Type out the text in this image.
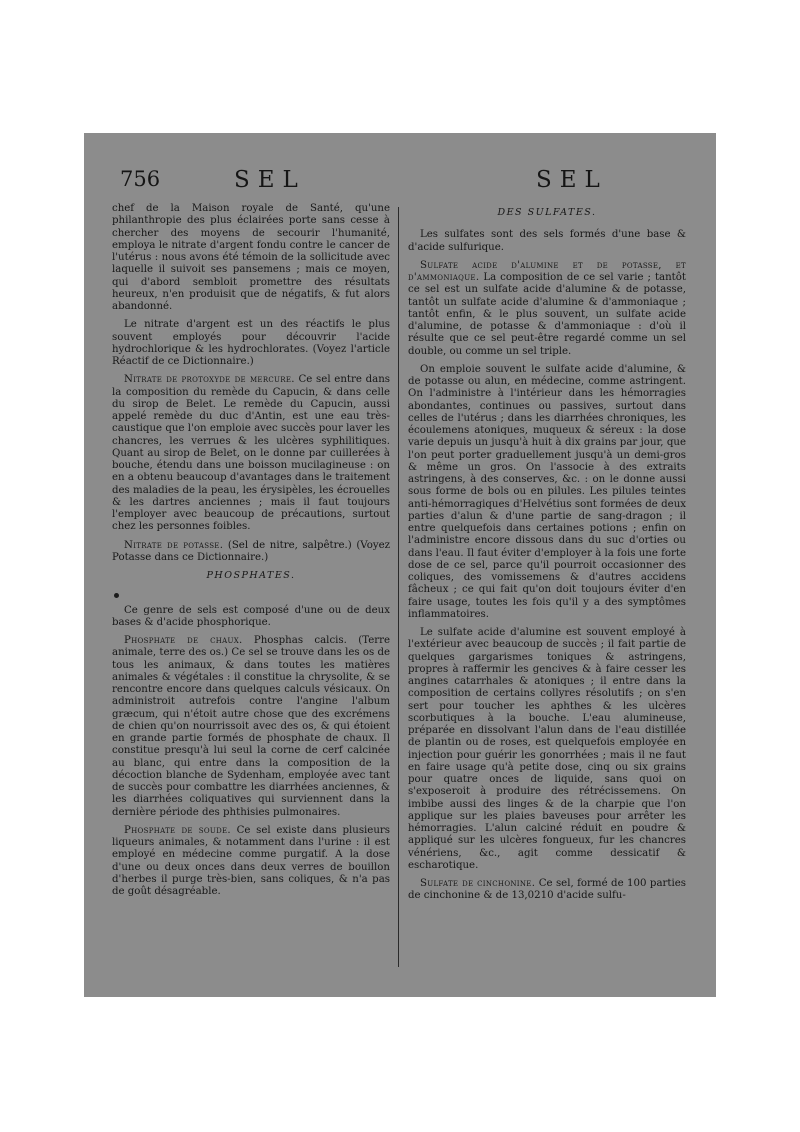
756	SEL	SEL

chef de la Maison royale de Santé, qu'une philanthropie des plus éclairées porte sans cesse à chercher des moyens de secourir l'humanité, employa le nitrate d'argent fondu contre le cancer de l'utérus : nous avons été témoin de la sollicitude avec laquelle il suivoit ses pansemens ; mais ce moyen, qui d'abord sembloit promettre des résultats heureux, n'en produisit que de négatifs, & fut alors abandonné.

Le nitrate d'argent est un des réactifs le plus souvent employés pour découvrir l'acide hydrochlorique & les hydrochlorates. (Voyez l'article Réactif de ce Dictionnaire.)

Nitrate de protoxyde de mercure. Ce sel entre dans la composition du remède du Capucin, & dans celle du sirop de Belet. Le remède du Capucin, aussi appelé remède du duc d'Antin, est une eau très-caustique que l'on emploie avec succès pour laver les chancres, les verrues & les ulcères syphilitiques. Quant au sirop de Belet, on le donne par cuillerées à bouche, étendu dans une boisson mucilagineuse : on en a obtenu beaucoup d'avantages dans le traitement des maladies de la peau, les érysipèles, les écrouelles & les dartres anciennes ; mais il faut toujours l'employer avec beaucoup de précautions, surtout chez les personnes foibles.

Nitrate de potasse. (Sel de nitre, salpêtre.) (Voyez Potasse dans ce Dictionnaire.)

PHOSPHATES.

Ce genre de sels est composé d'une ou de deux bases & d'acide phosphorique.

Phosphate de chaux. Phosphas calcis. (Terre animale, terre des os.) Ce sel se trouve dans les os de tous les animaux, & dans toutes les matières animales & végétales : il constitue la chrysolite, & se rencontre encore dans quelques calculs vésicaux. On administroit autrefois contre l'angine l'album græcum, qui n'étoit autre chose que des excrémens de chien qu'on nourrissoit avec des os, & qui étoient en grande partie formés de phosphate de chaux. Il constitue presqu'à lui seul la corne de cerf calcinée au blanc, qui entre dans la composition de la décoction blanche de Sydenham, employée avec tant de succès pour combattre les diarrhées anciennes, & les diarrhées coliquatives qui surviennent dans la dernière période des phthisies pulmonaires.

Phosphate de soude. Ce sel existe dans plusieurs liqueurs animales, & notamment dans l'urine : il est employé en médecine comme purgatif. A la dose d'une ou deux onces dans deux verres de bouillon d'herbes il purge très-bien, sans coliques, & n'a pas de goût désagréable.

DES SULFATES.

Les sulfates sont des sels formés d'une base & d'acide sulfurique.

Sulfate acide d'alumine et de potasse, et d'ammoniaque. La composition de ce sel varie ; tantôt ce sel est un sulfate acide d'alumine & de potasse, tantôt un sulfate acide d'alumine & d'ammoniaque ; tantôt enfin, & le plus souvent, un sulfate acide d'alumine, de potasse & d'ammoniaque : d'où il résulte que ce sel peut-être regardé comme un sel double, ou comme un sel triple.

On emploie souvent le sulfate acide d'alumine, & de potasse ou alun, en médecine, comme astringent. On l'administre à l'intérieur dans les hémorragies abondantes, continues ou passives, surtout dans celles de l'utérus ; dans les diarrhées chroniques, les écoulemens atoniques, muqueux & séreux : la dose varie depuis un jusqu'à huit à dix grains par jour, que l'on peut porter graduellement jusqu'à un demi-gros & même un gros. On l'associe à des extraits astringens, à des conserves, &c. : on le donne aussi sous forme de bols ou en pilules. Les pilules teintes anti-hémorragiques d'Helvétius sont formées de deux parties d'alun & d'une partie de sang-dragon ; il entre quelquefois dans certaines potions ; enfin on l'administre encore dissous dans du suc d'orties ou dans l'eau. Il faut éviter d'employer à la fois une forte dose de ce sel, parce qu'il pourroit occasionner des coliques, des vomissemens & d'autres accidens fâcheux ; ce qui fait qu'on doit toujours éviter d'en faire usage, toutes les fois qu'il y a des symptômes inflammatoires.

Le sulfate acide d'alumine est souvent employé à l'extérieur avec beaucoup de succès ; il fait partie de quelques gargarismes toniques & astringens, propres à raffermir les gencives & à faire cesser les angines catarrhales & atoniques ; il entre dans la composition de certains collyres résolutifs ; on s'en sert pour toucher les aphthes & les ulcères scorbutiques à la bouche. L'eau alumineuse, préparée en dissolvant l'alun dans de l'eau distillée de plantin ou de roses, est quelquefois employée en injection pour guérir les gonorrhées ; mais il ne faut en faire usage qu'à petite dose, cinq ou six grains pour quatre onces de liquide, sans quoi on s'exposeroit à produire des rétrécissemens. On imbibe aussi des linges & de la charpie que l'on applique sur les plaies baveuses pour arrêter les hémorragies. L'alun calciné réduit en poudre & appliqué sur les ulcères fongueux, fur les chancres vénériens, &c., agit comme dessicatif & escharotique.

Sulfate de cinchonine. Ce sel, formé de 100 parties de cinchonine & de 13,0210 d'acide sulfu-
